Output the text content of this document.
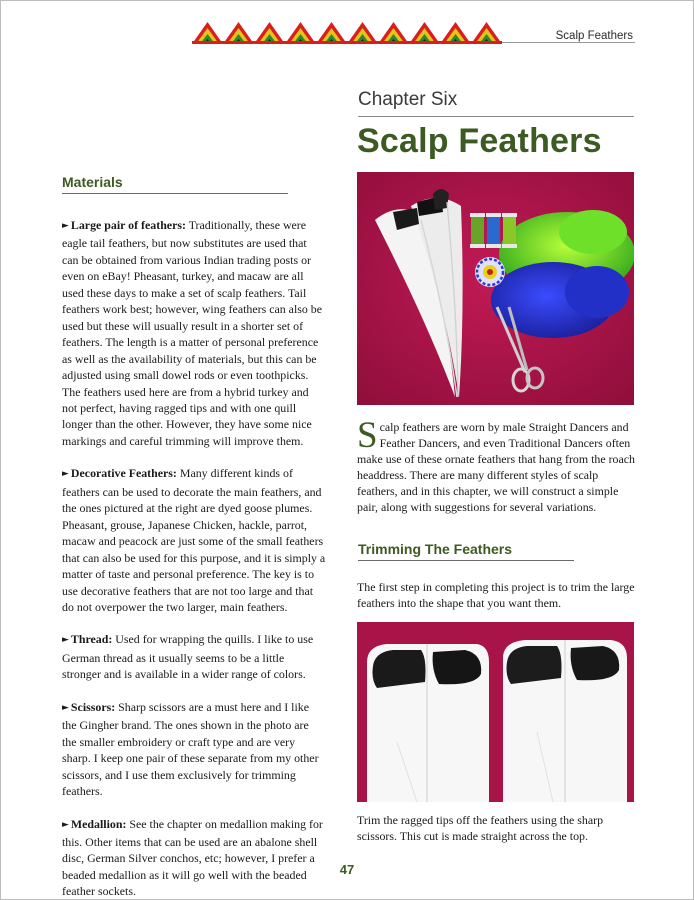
Scalp Feathers
Chapter Six
Scalp Feathers
Materials

► Large pair of feathers: Traditionally, these were eagle tail feathers, but now substitutes are used that can be obtained from various Indian trading posts or even on eBay! Pheasant, turkey, and macaw are all used these days to make a set of scalp feathers. Tail feathers work best; however, wing feathers can also be used but these will usually result in a shorter set of feathers. The length is a matter of personal preference as well as the availability of materials, but this can be adjusted using small dowel rods or even toothpicks. The feathers used here are from a hybrid turkey and not perfect, having ragged tips and with one quill longer than the other. However, they have some nice markings and careful trimming will improve them.

► Decorative Feathers: Many different kinds of feathers can be used to decorate the main feathers, and the ones pictured at the right are dyed goose plumes. Pheasant, grouse, Japanese Chicken, hackle, parrot, macaw and peacock are just some of the small feathers that can also be used for this purpose, and it is simply a matter of taste and personal preference. The key is to use decorative feathers that are not too large and that do not overpower the two larger, main feathers.

► Thread: Used for wrapping the quills. I like to use German thread as it usually seems to be a little stronger and is available in a wider range of colors.

► Scissors: Sharp scissors are a must here and I like the Gingher brand. The ones shown in the photo are the smaller embroidery or craft type and are very sharp. I keep one pair of these separate from my other scissors, and I use them exclusively for trimming feathers.

► Medallion: See the chapter on medallion making for this. Other items that can be used are an abalone shell disc, German Silver conchos, etc; however, I prefer a beaded medallion as it will go well with the beaded feather sockets.

Scalp feathers are worn by male Straight Dancers and Feather Dancers, and even Traditional Dancers often make use of these ornate feathers that hang from the roach headdress. There are many different styles of scalp feathers, and in this chapter, we will construct a simple pair, along with suggestions for several variations.
Trimming The Feathers
The first step in completing this project is to trim the large feathers into the shape that you want them.
Trim the ragged tips off the feathers using the sharp scissors. This cut is made straight across the top.
47
